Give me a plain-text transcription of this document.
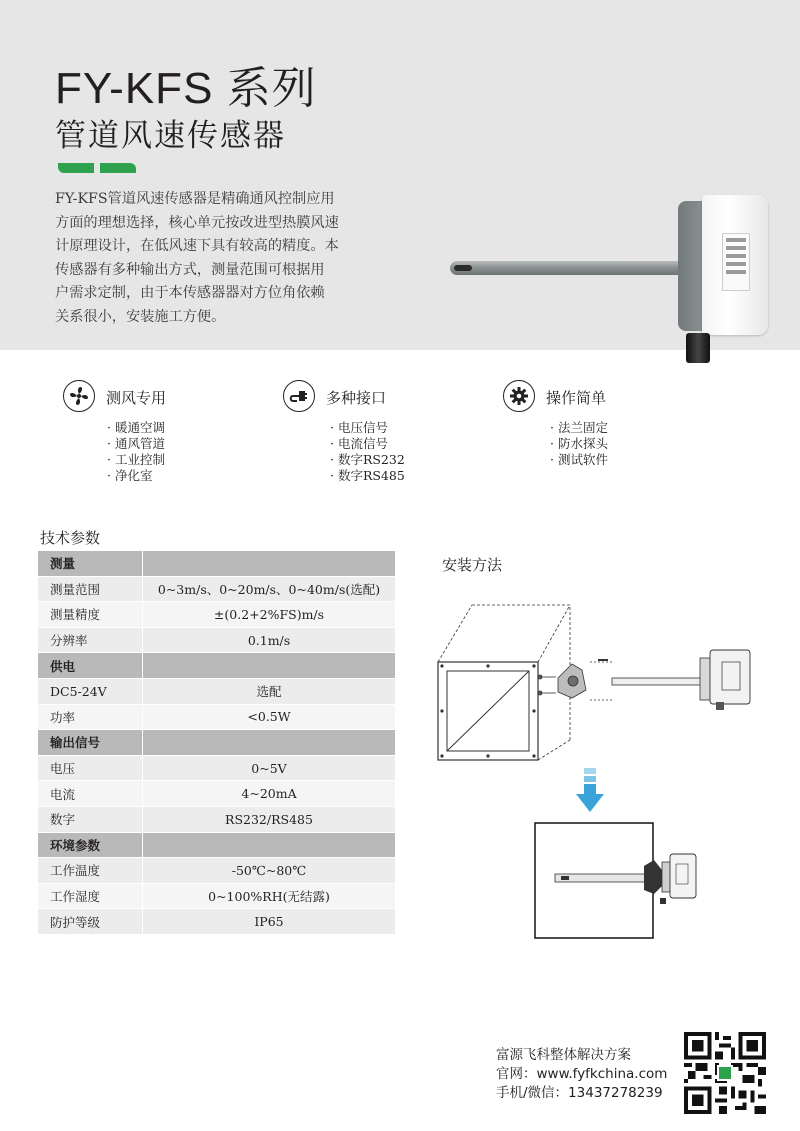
FY-KFS 系列
管道风速传感器
FY-KFS管道风速传感器是精确通风控制应用
方面的理想选择，核心单元按改进型热膜风速
计原理设计，在低风速下具有较高的精度。本
传感器有多种输出方式，测量范围可根据用
户需求定制，由于本传感器器对方位角依赖
关系很小，安装施工方便。
测风专用
· 暖通空调
· 通风管道
· 工业控制
· 净化室
多种接口
· 电压信号
· 电流信号
· 数字RS232
· 数字RS485
操作简单
· 法兰固定
· 防水探头
· 测试软件
技术参数
测量	
测量范围	0~3m/s、0~20m/s、0~40m/s(选配)
测量精度	±(0.2+2%FS)m/s
分辨率	0.1m/s
供电	
DC5-24V	选配
功率	<0.5W
输出信号	
电压	0~5V
电流	4~20mA
数字	RS232/RS485
环境参数	
工作温度	-50℃~80℃
工作湿度	0~100%RH(无结露)
防护等级	IP65
安装方法
富源飞科整体解决方案
官网：www.fyfkchina.com
手机/微信：13437278239
